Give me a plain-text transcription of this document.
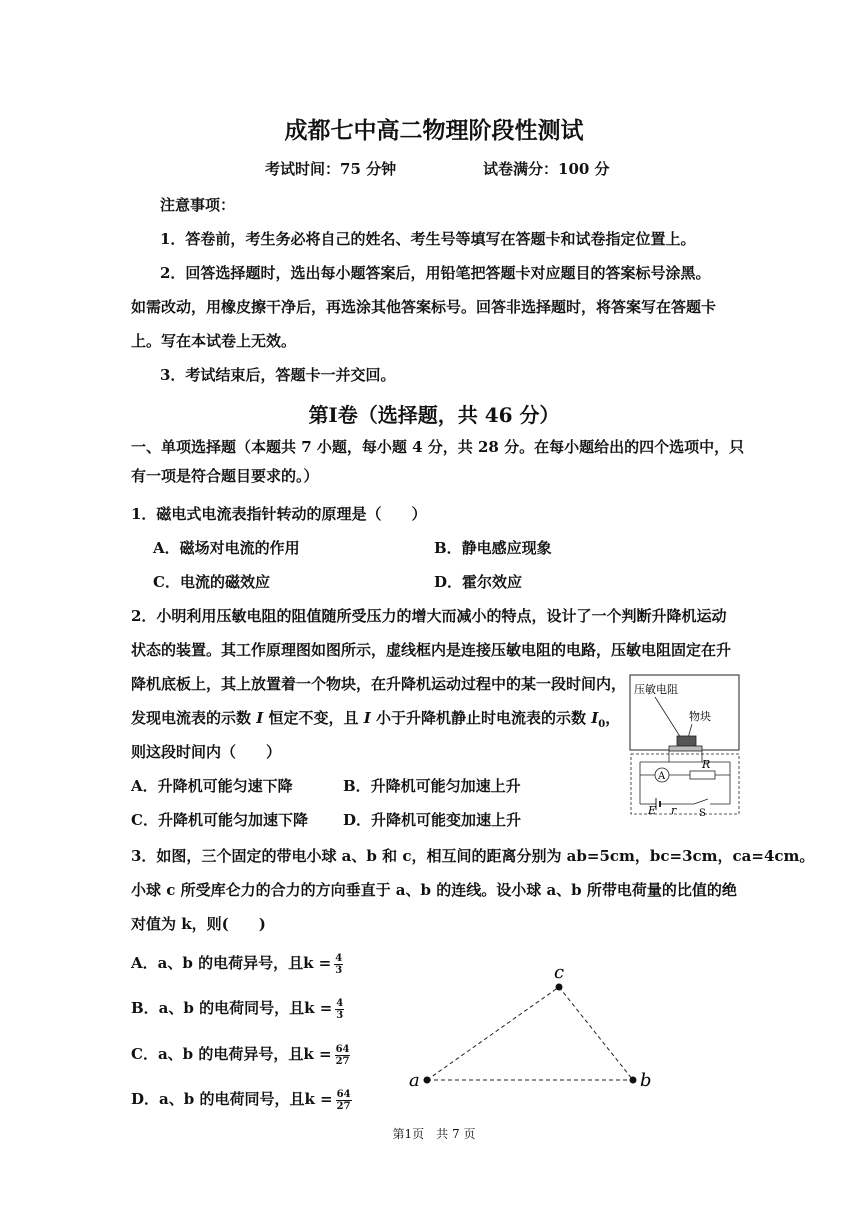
成都七中高二物理阶段性测试
考试时间：75 分钟	试卷满分：100 分
注意事项：
1．答卷前，考生务必将自己的姓名、考生号等填写在答题卡和试卷指定位置上。
2．回答选择题时，选出每小题答案后，用铅笔把答题卡对应题目的答案标号涂黑。
如需改动，用橡皮擦干净后，再选涂其他答案标号。回答非选择题时，将答案写在答题卡
上。写在本试卷上无效。
3．考试结束后，答题卡一并交回。
第Ⅰ卷（选择题，共 46 分）
一、单项选择题（本题共 7 小题，每小题 4 分，共 28 分。在每小题给出的四个选项中，只
有一项是符合题目要求的。）
1．磁电式电流表指针转动的原理是（　　）
A．磁场对电流的作用	B．静电感应现象
C．电流的磁效应	D．霍尔效应
2．小明利用压敏电阻的阻值随所受压力的增大而减小的特点，设计了一个判断升降机运动
状态的装置。其工作原理图如图所示，虚线框内是连接压敏电阻的电路，压敏电阻固定在升
降机底板上，其上放置着一个物块，在升降机运动过程中的某一段时间内，
发现电流表的示数 I 恒定不变，且 I 小于升降机静止时电流表的示数 $I_0$，
则这段时间内（　　）
A．升降机可能匀速下降	B．升降机可能匀加速上升
C．升降机可能匀加速下降 D．升降机可能变加速上升
压敏电阻
物块
A
R
E r S
3．如图，三个固定的带电小球 a、b 和 c，相互间的距离分别为 ab=5cm，bc=3cm，ca=4cm。
小球 c 所受库仑力的合力的方向垂直于 a、b 的连线。设小球 a、b 所带电荷量的比值的绝
对值为 k，则(　　)
A．a、b 的电荷异号，且$k = \frac{4}{3}$
B．a、b 的电荷同号，且$k = \frac{4}{3}$
C．a、b 的电荷异号，且$k = \frac{64}{27}$
D．a、b 的电荷同号，且$k = \frac{64}{27}$
a	b
c
第1页　共 7 页
